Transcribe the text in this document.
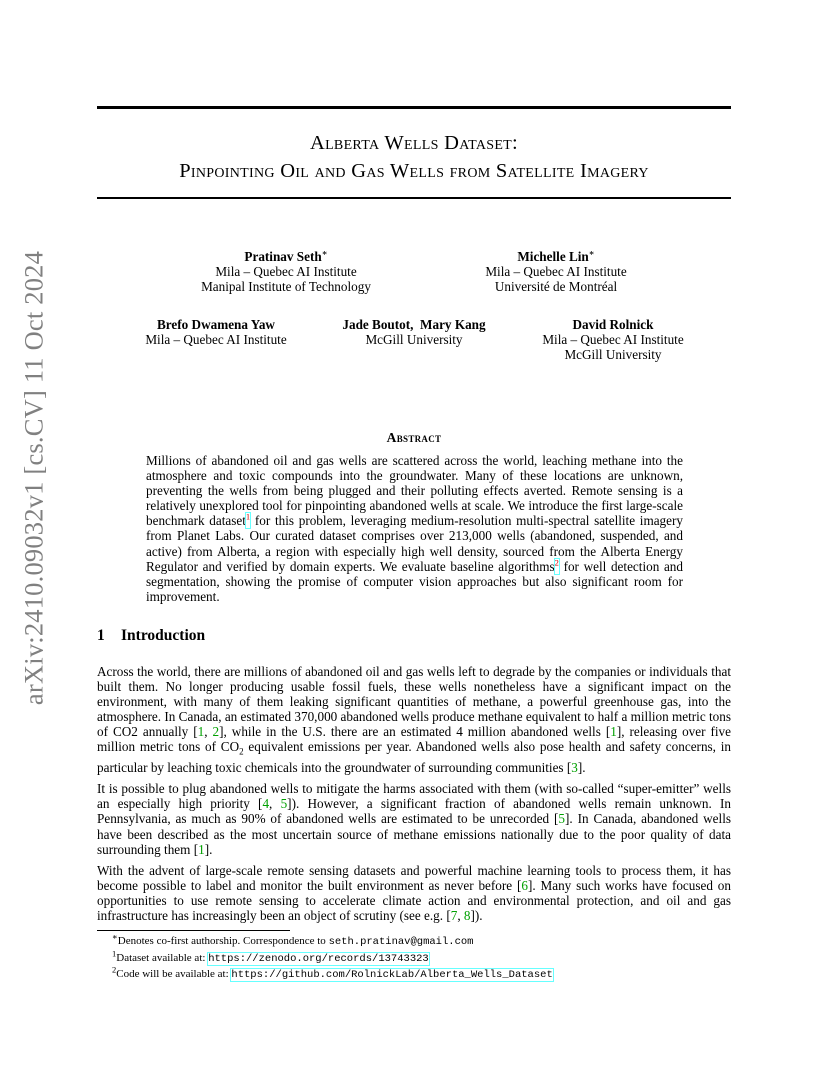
arXiv:2410.09032v1 [cs.CV] 11 Oct 2024
Alberta Wells Dataset:
Pinpointing Oil and Gas Wells from Satellite Imagery
Pratinav Seth∗
Mila – Quebec AI Institute
Manipal Institute of Technology
Michelle Lin∗
Mila – Quebec AI Institute
Université de Montréal
Brefo Dwamena Yaw
Mila – Quebec AI Institute
Jade Boutot,  Mary Kang
McGill University
David Rolnick
Mila – Quebec AI Institute
McGill University
Abstract
Millions of abandoned oil and gas wells are scattered across the world, leaching methane into the atmosphere and toxic compounds into the groundwater. Many of these locations are unknown, preventing the wells from being plugged and their polluting effects averted. Remote sensing is a relatively unexplored tool for pinpointing abandoned wells at scale. We introduce the first large-scale benchmark dataset$^1$ for this problem, leveraging medium-resolution multi-spectral satellite imagery from Planet Labs. Our curated dataset comprises over 213,000 wells (abandoned, suspended, and active) from Alberta, a region with especially high well density, sourced from the Alberta Energy Regulator and verified by domain experts. We evaluate baseline algorithms$^2$ for well detection and segmentation, showing the promise of computer vision approaches but also significant room for improvement.
1 Introduction

Across the world, there are millions of abandoned oil and gas wells left to degrade by the companies or individuals that built them. No longer producing usable fossil fuels, these wells nonetheless have a significant impact on the environment, with many of them leaking significant quantities of methane, a powerful greenhouse gas, into the atmosphere. In Canada, an estimated 370,000 abandoned wells produce methane equivalent to half a million metric tons of CO2 annually [1, 2], while in the U.S. there are an estimated 4 million abandoned wells [1], releasing over five million metric tons of $CO_2$ equivalent emissions per year. Abandoned wells also pose health and safety concerns, in particular by leaching toxic chemicals into the groundwater of surrounding communities [3].

It is possible to plug abandoned wells to mitigate the harms associated with them (with so-called “super-emitter” wells an especially high priority [4, 5]). However, a significant fraction of abandoned wells remain unknown. In Pennsylvania, as much as 90% of abandoned wells are estimated to be unrecorded [5]. In Canada, abandoned wells have been described as the most uncertain source of methane emissions nationally due to the poor quality of data surrounding them [1].

With the advent of large-scale remote sensing datasets and powerful machine learning tools to process them, it has become possible to label and monitor the built environment as never before [6]. Many such works have focused on opportunities to use remote sensing to accelerate climate action and environmental protection, and oil and gas infrastructure has increasingly been an object of scrutiny (see e.g. [7, 8]).

∗Denotes co-first authorship. Correspondence to seth.pratinav@gmail.com
$^1$Dataset available at: https://zenodo.org/records/13743323
$^2$Code will be available at: https://github.com/RolnickLab/Alberta_Wells_Dataset
